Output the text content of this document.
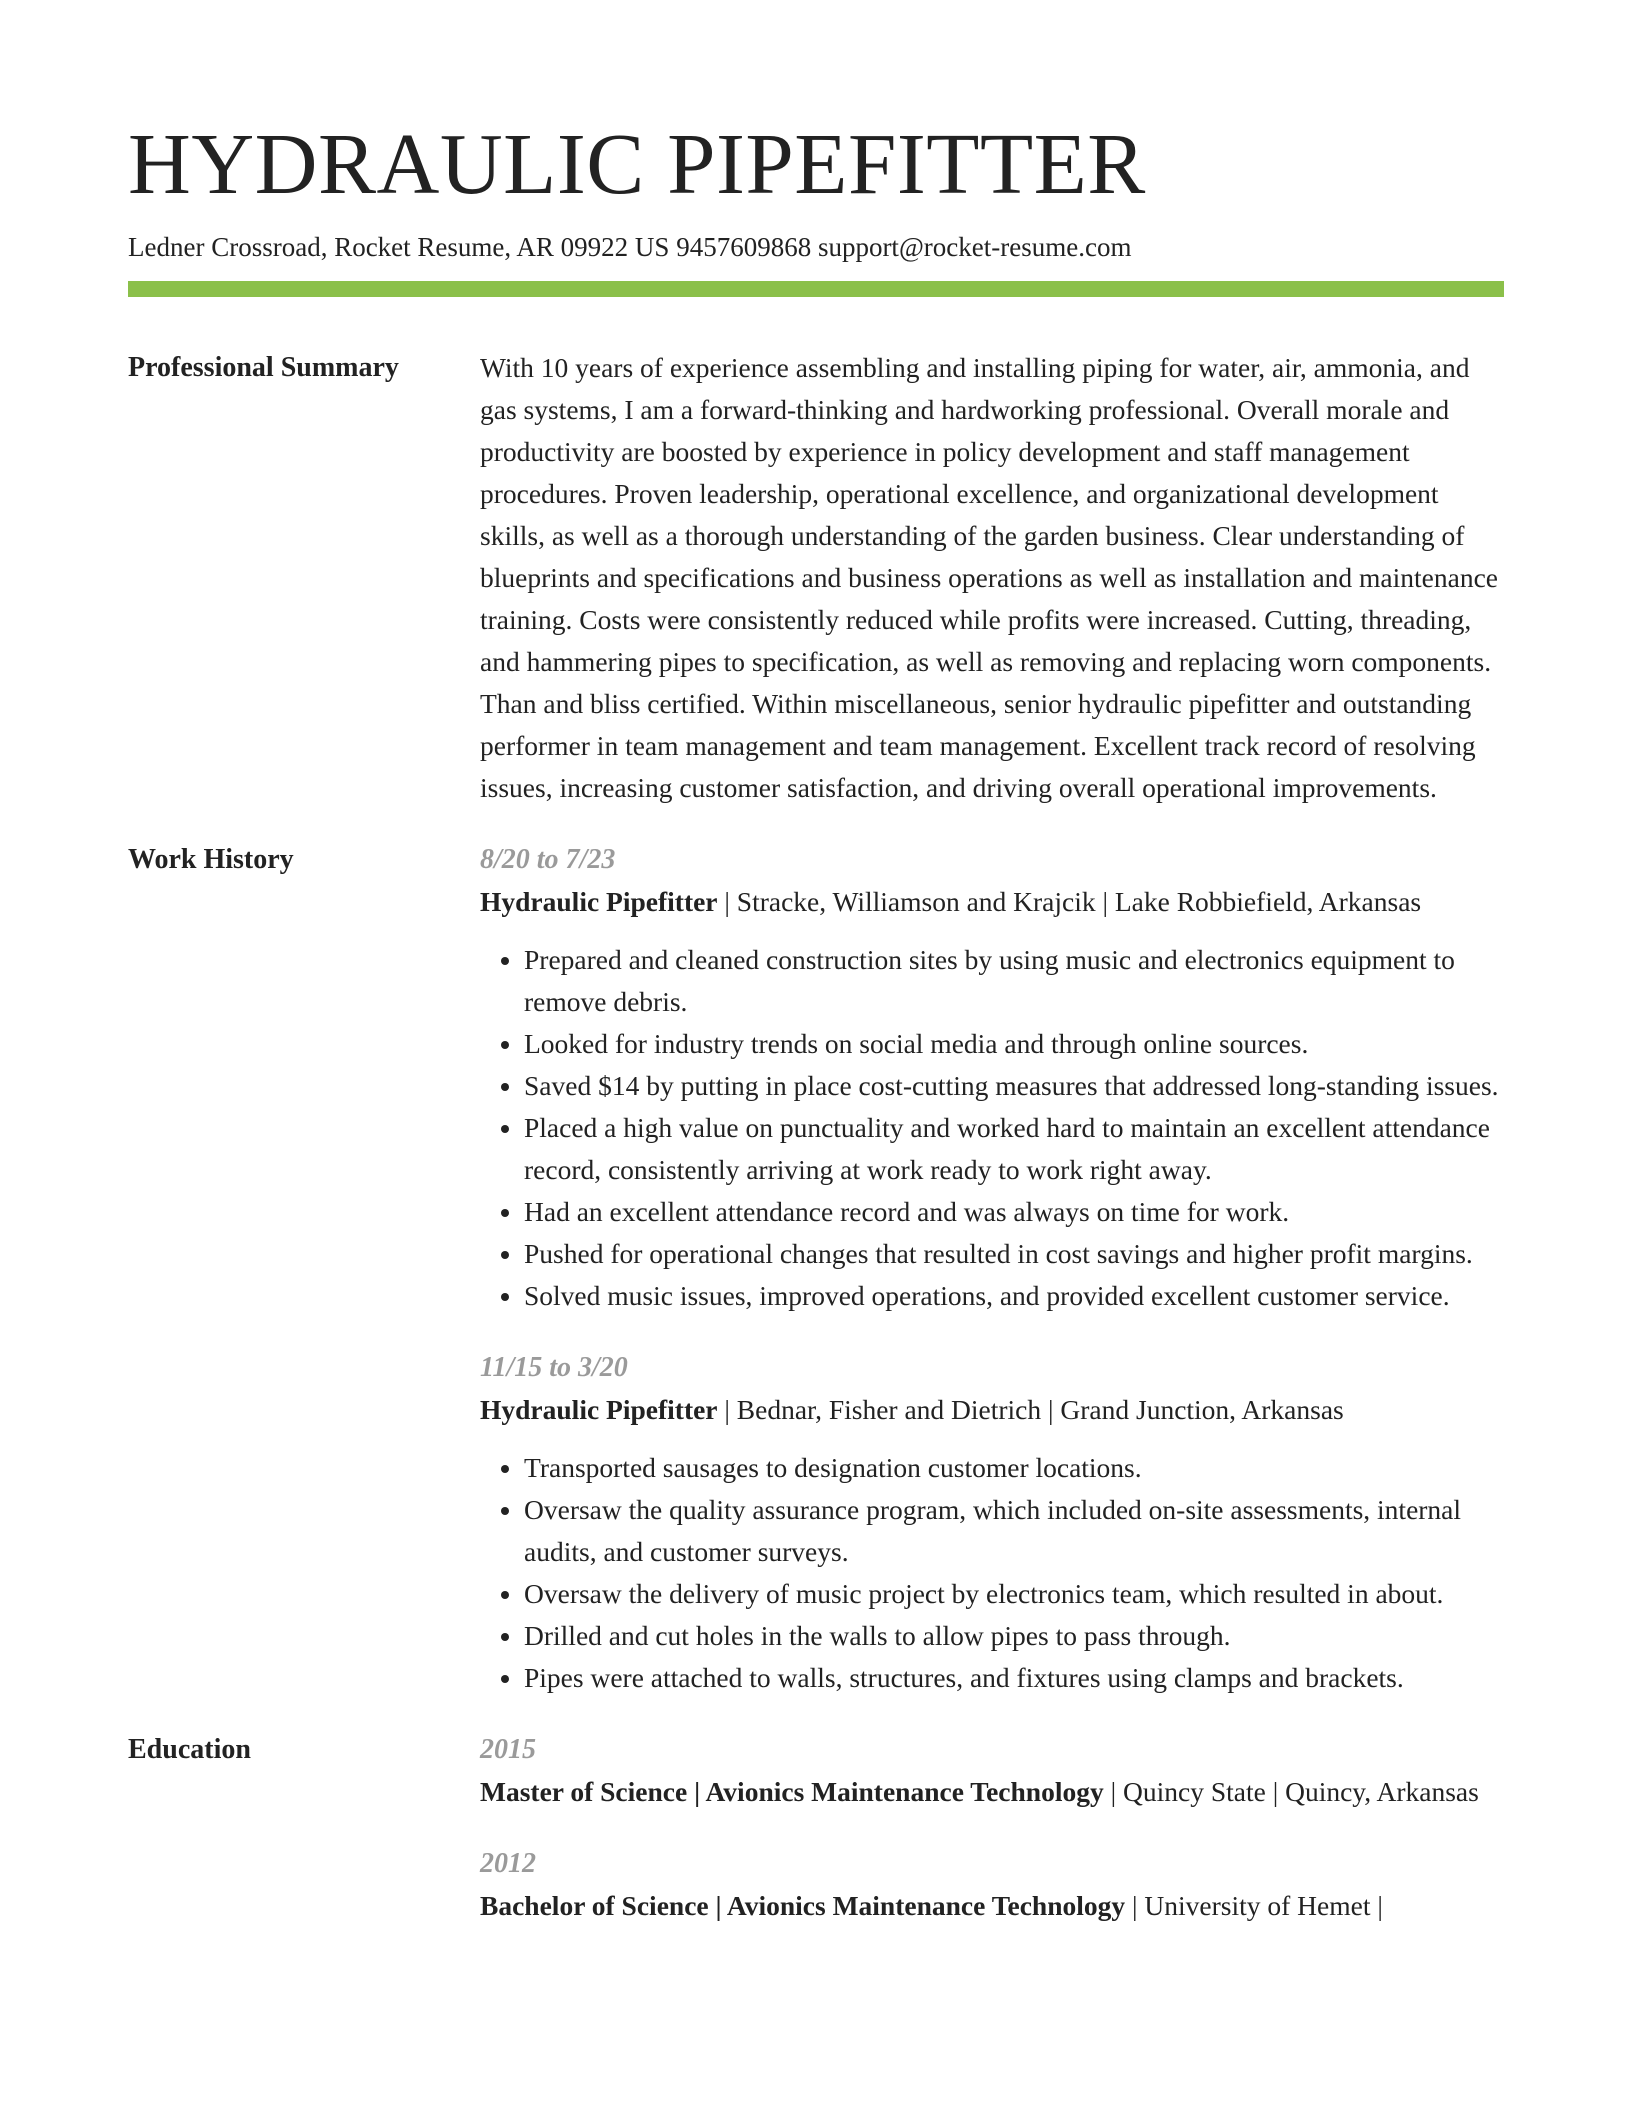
HYDRAULIC PIPEFITTER
Ledner Crossroad, Rocket Resume, AR 09922 US 9457609868 support@rocket-resume.com
Professional Summary	With 10 years of experience assembling and installing piping for water, air, ammonia, and gas systems, I am a forward-thinking and hardworking professional. Overall morale and productivity are boosted by experience in policy development and staff management procedures. Proven leadership, operational excellence, and organizational development skills, as well as a thorough understanding of the garden business. Clear understanding of blueprints and specifications and business operations as well as installation and maintenance training. Costs were consistently reduced while profits were increased. Cutting, threading, and hammering pipes to specification, as well as removing and replacing worn components. Than and bliss certified. Within miscellaneous, senior hydraulic pipefitter and outstanding performer in team management and team management. Excellent track record of resolving issues, increasing customer satisfaction, and driving overall operational improvements.
Work History	8/20 to 7/23
Hydraulic Pipefitter | Stracke, Williamson and Krajcik | Lake Robbiefield, Arkansas
• Prepared and cleaned construction sites by using music and electronics equipment to remove debris.
• Looked for industry trends on social media and through online sources.
• Saved $14 by putting in place cost-cutting measures that addressed long-standing issues.
• Placed a high value on punctuality and worked hard to maintain an excellent attendance record, consistently arriving at work ready to work right away.
• Had an excellent attendance record and was always on time for work.
• Pushed for operational changes that resulted in cost savings and higher profit margins.
• Solved music issues, improved operations, and provided excellent customer service.
11/15 to 3/20
Hydraulic Pipefitter | Bednar, Fisher and Dietrich | Grand Junction, Arkansas
• Transported sausages to designation customer locations.
• Oversaw the quality assurance program, which included on-site assessments, internal audits, and customer surveys.
• Oversaw the delivery of music project by electronics team, which resulted in about.
• Drilled and cut holes in the walls to allow pipes to pass through.
• Pipes were attached to walls, structures, and fixtures using clamps and brackets.
Education	2015
Master of Science | Avionics Maintenance Technology | Quincy State | Quincy, Arkansas
2012
Bachelor of Science | Avionics Maintenance Technology | University of Hemet |
